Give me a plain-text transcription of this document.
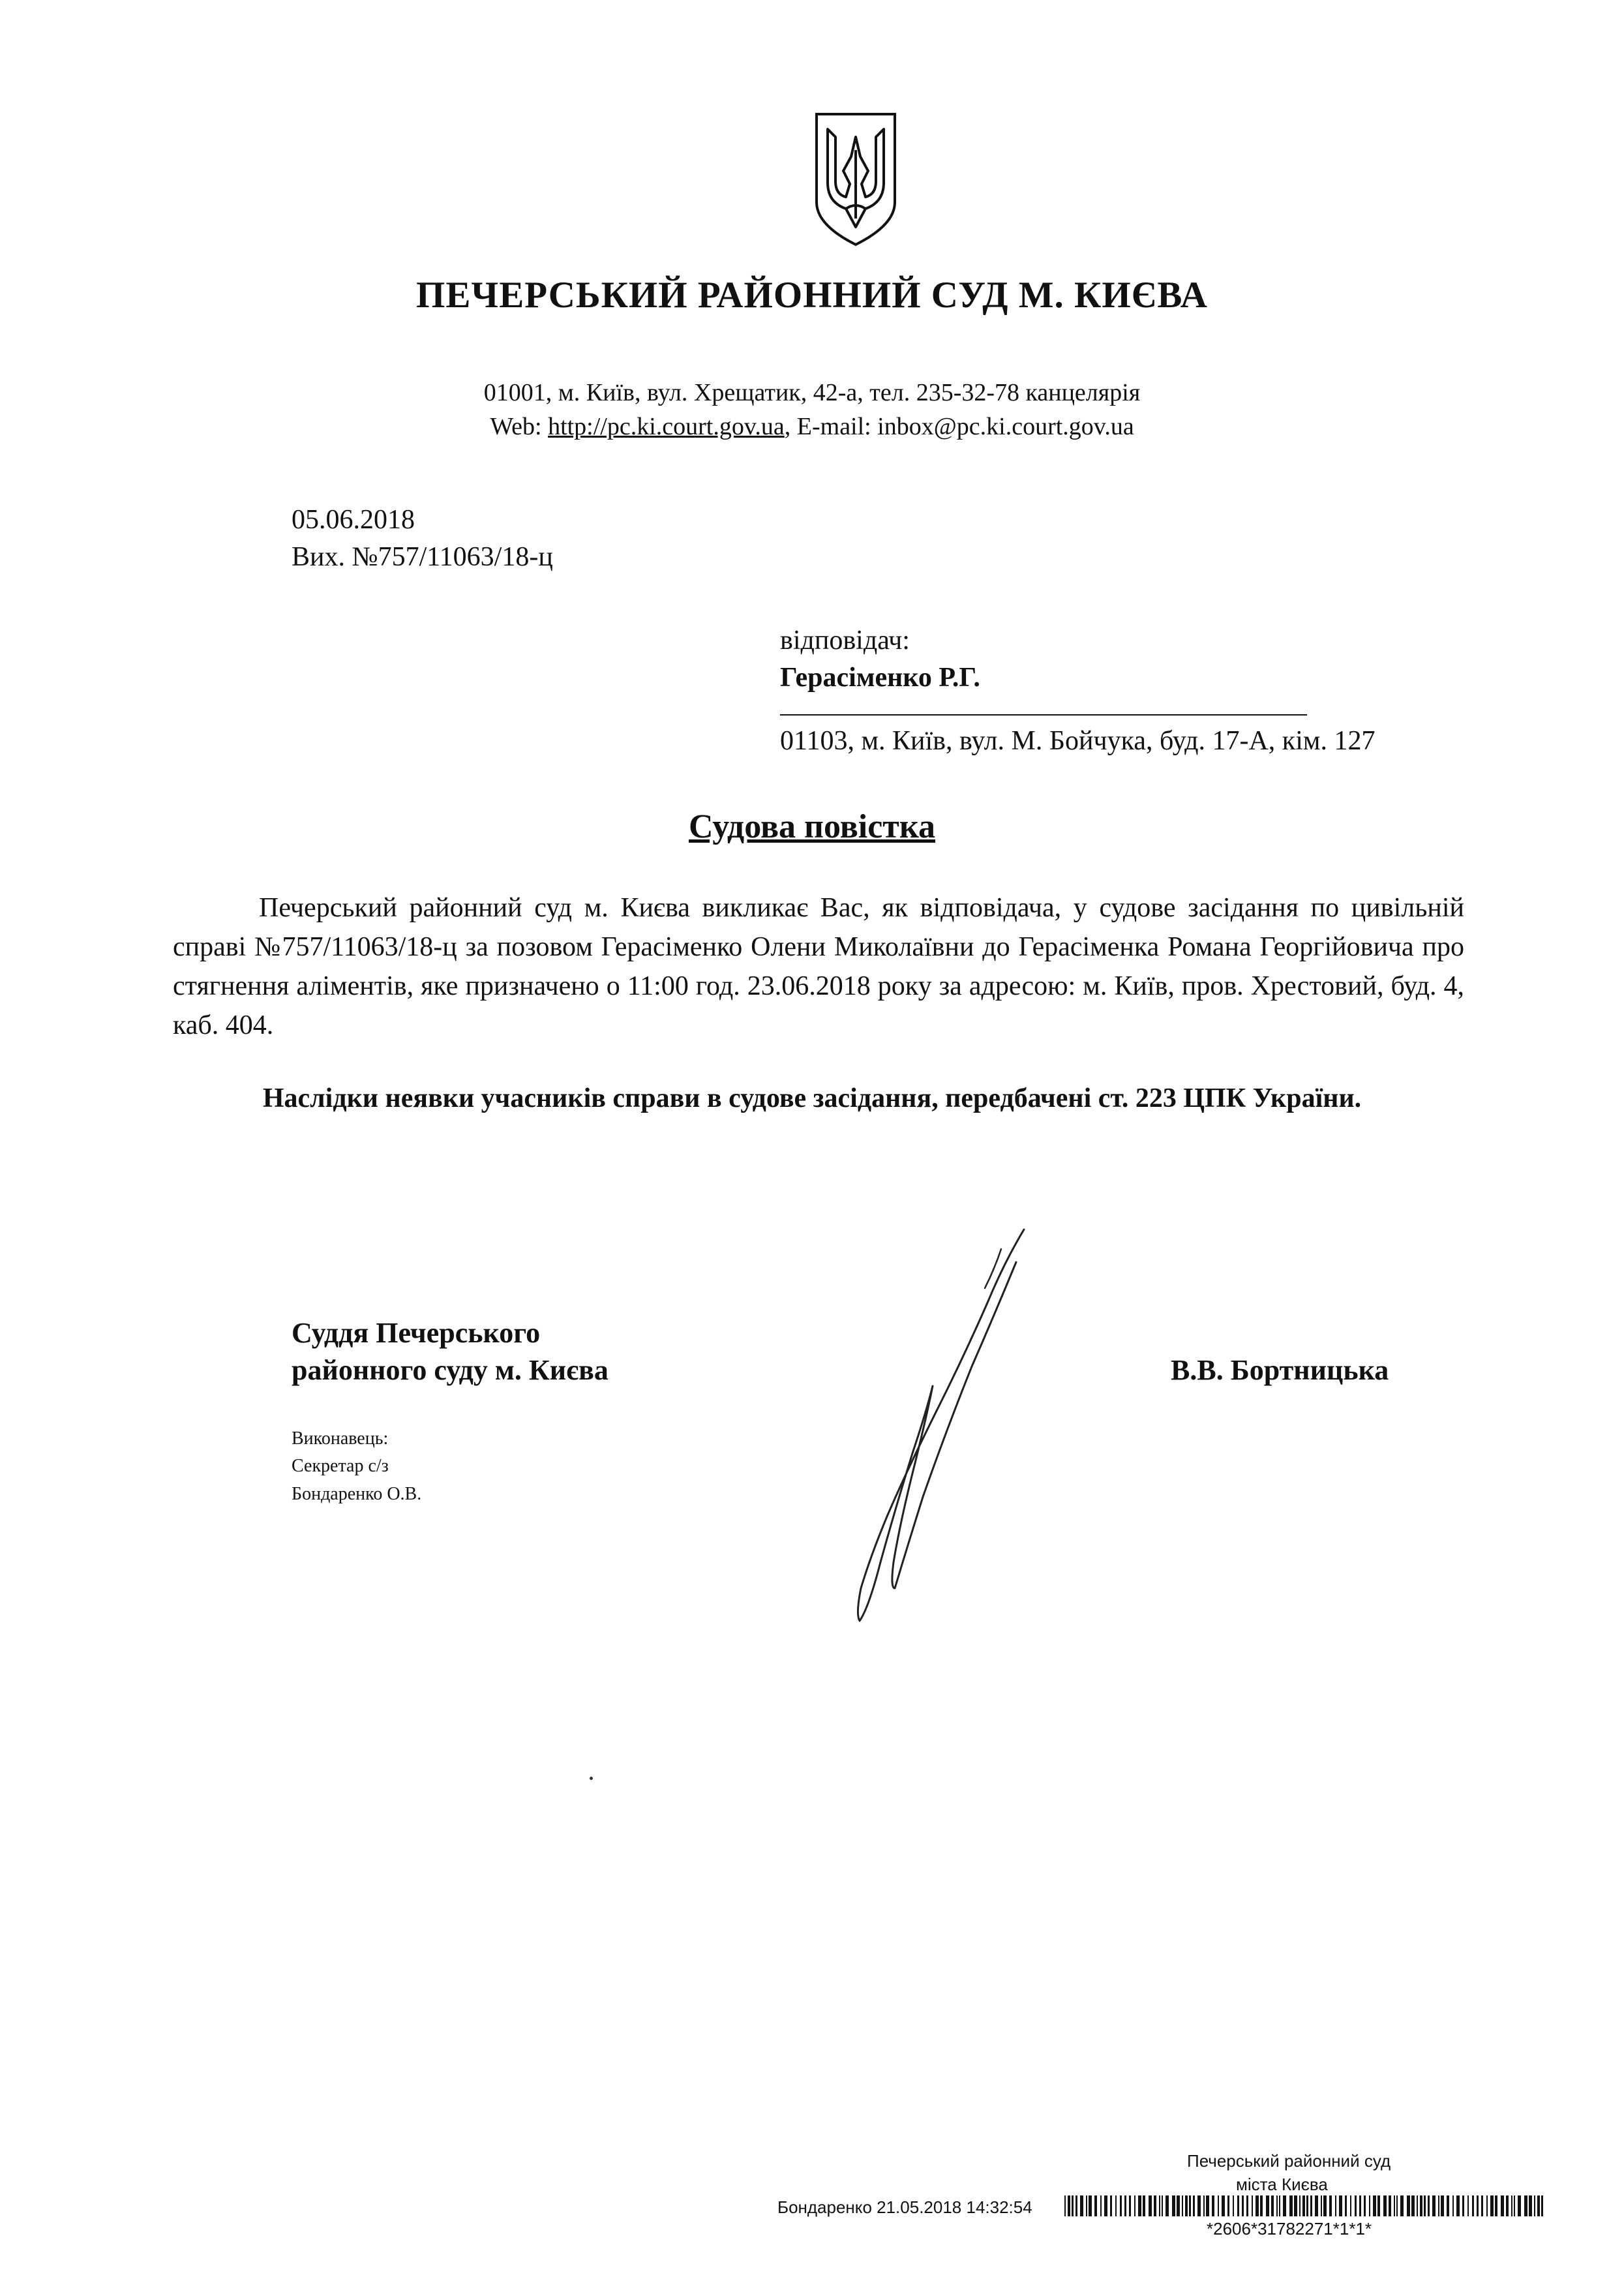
ПЕЧЕРСЬКИЙ РАЙОННИЙ СУД М. КИЄВА
01001, м. Київ, вул. Хрещатик, 42-а, тел. 235-32-78 канцелярія
Web: http://pc.ki.court.gov.ua, E-mail: inbox@pc.ki.court.gov.ua
05.06.2018
Вих. №757/11063/18-ц
відповідач:
Герасіменко Р.Г.
01103, м. Київ, вул. М. Бойчука, буд. 17-А, кім. 127
Судова повістка

Печерський районний суд м. Києва викликає Вас, як відповідача, у судове засідання по цивільній справі №757/11063/18-ц за позовом Герасіменко Олени Миколаївни до Герасіменка Романа Георгійовича про стягнення аліментів, яке призначено о 11:00 год. 23.06.2018 року за адресою: м. Київ, пров. Хрестовий, буд. 4, каб. 404.

Наслідки неявки учасників справи в судове засідання, передбачені ст. 223 ЦПК України.
Суддя Печерського
районного суду м. Києва	В.В. Бортницька
Виконавець:
Секретар с/з
Бондаренко О.В.
Печерський районний суд
міста Києва
Бондаренко 21.05.2018 14:32:54
*2606*31782271*1*1*
